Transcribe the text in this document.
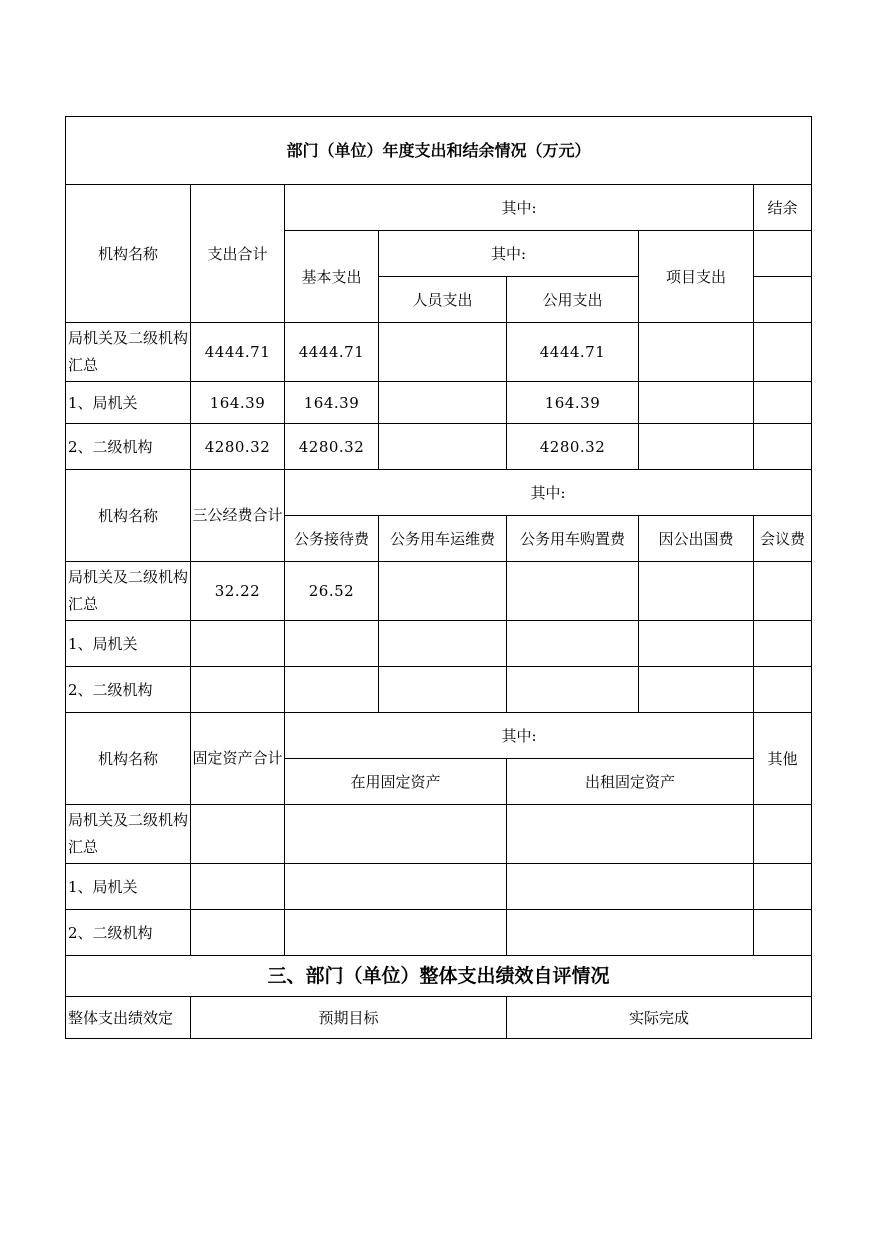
部门（单位）年度支出和结余情况（万元）						
机构名称	支出合计	其中:				结余
		基本支出	其中:		项目支出	
			人员支出	公用支出		
局机关及二级机构汇总	4444.71	4444.71		4444.71		
1、局机关	164.39	164.39		164.39		
2、二级机构	4280.32	4280.32		4280.32		
机构名称	三公经费合计	其中:				
		公务接待费	公务用车运维费	公务用车购置费	因公出国费	会议费
局机关及二级机构汇总	32.22	26.52				
1、局机关						
2、二级机构						
机构名称	固定资产合计	其中:				其他
		在用固定资产		出租固定资产		
局机关及二级机构汇总						
1、局机关						
2、二级机构						
三、部门（单位）整体支出绩效自评情况						
整体支出绩效定	预期目标			实际完成		
